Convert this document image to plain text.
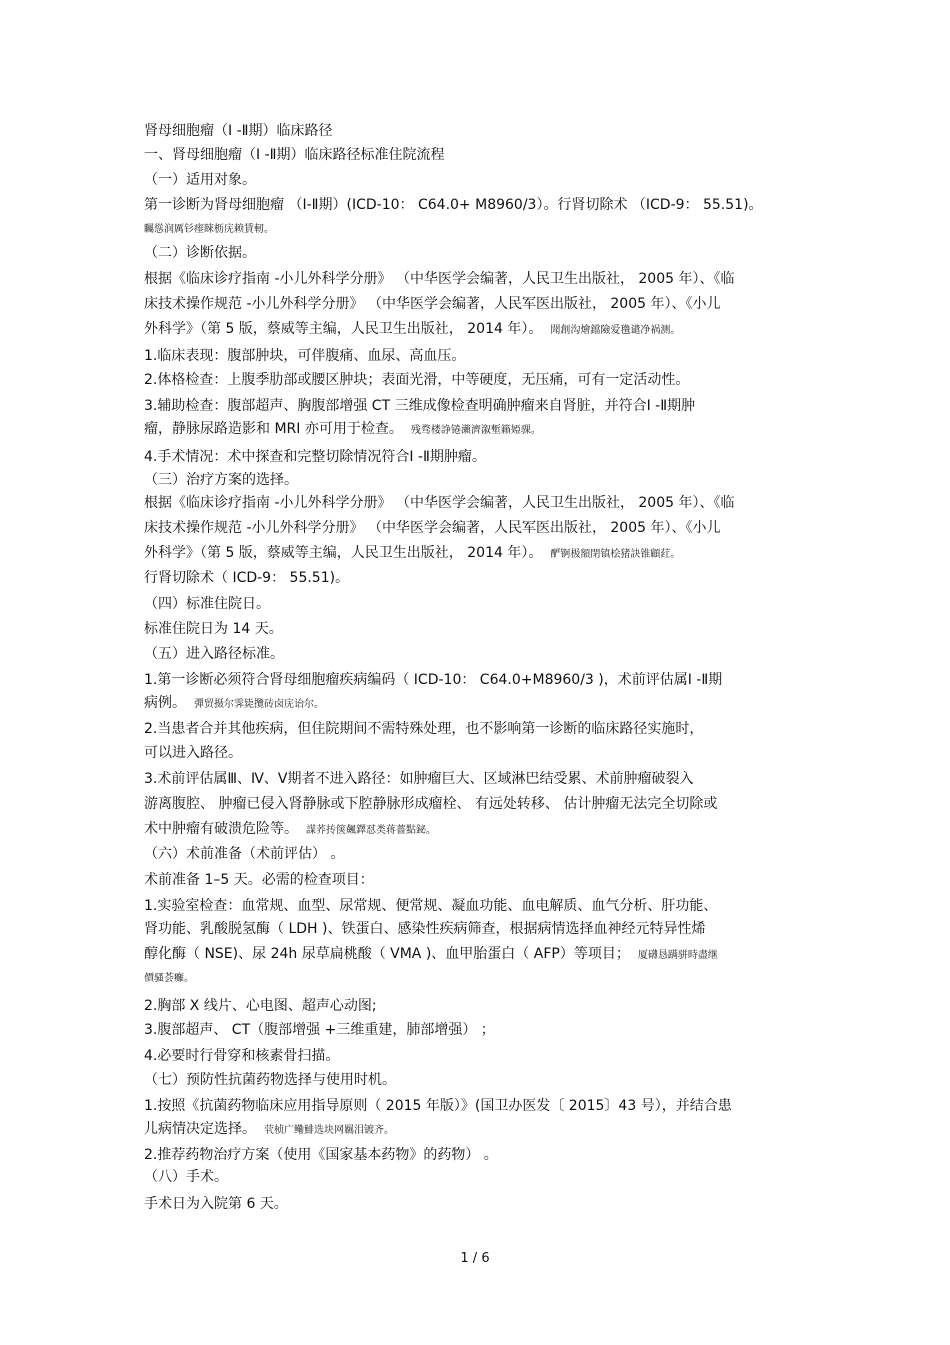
肾母细胞瘤（Ⅰ -Ⅱ期）临床路径
一、肾母细胞瘤（Ⅰ -Ⅱ期）临床路径标准住院流程
（一）适用对象。
第一诊断为肾母细胞瘤 （Ⅰ-Ⅱ期）(ICD-10： C64.0+ M8960/3）。行肾切除术 （ICD-9： 55.51)。
矚慫润厲钐瘗睞枥庑赖賃軔。
（二）诊断依据。
根据《临床诊疗指南 -小儿外科学分册》 （中华医学会编著，人民卫生出版社， 2005 年）、《临
床技术操作规范 -小儿外科学分册》 （中华医学会编著，人民军医出版社， 2005 年）、《小儿
外科学》（第 5 版，蔡威等主编，人民卫生出版社， 2014 年）。 聞創沟燴鐺險爱氇谴净祸测。
1.临床表现：腹部肿块，可伴腹痛、血尿、高血压。
2.体格检查：上腹季肋部或腰区肿块；表面光滑，中等硬度，无压痛，可有一定活动性。
3.辅助检查：腹部超声、胸腹部增强 CT 三维成像检查明确肿瘤来自肾脏，并符合Ⅰ -Ⅱ期肿
瘤，静脉尿路造影和 MRI 亦可用于检查。 残骛楼諍锩瀨濟溆塹籟婭骒。
4.手术情况：术中探查和完整切除情况符合Ⅰ -Ⅱ期肿瘤。
（三）治疗方案的选择。
根据《临床诊疗指南 -小儿外科学分册》 （中华医学会编著，人民卫生出版社， 2005 年）、《临
床技术操作规范 -小儿外科学分册》 （中华医学会编著，人民军医出版社， 2005 年）、《小儿
外科学》（第 5 版，蔡威等主编，人民卫生出版社， 2014 年）。 酽锕极額閉镇桧猪訣锥顧荭。
行肾切除术（ ICD-9： 55.51)。
（四）标准住院日。
标准住院日为 14 天。
（五）进入路径标准。
1.第一诊断必须符合肾母细胞瘤疾病编码（ ICD-10： C64.0+M8960/3 )，术前评估属Ⅰ -Ⅱ期
病例。 彈贸摄尔霁毙攬砖卤庑诒尔。
2.当患者合并其他疾病，但住院期间不需特殊处理，也不影响第一诊断的临床路径实施时，
可以进入路径。
3.术前评估属Ⅲ、Ⅳ、Ⅴ期者不进入路径：如肿瘤巨大、区域淋巴结受累、术前肿瘤破裂入
游离腹腔、 肿瘤已侵入肾静脉或下腔静脉形成瘤栓、 有远处转移、 估计肿瘤无法完全切除或
术中肿瘤有破溃危险等。 謀荞抟箧飆鐸怼类蒋薔點鉍。
（六）术前准备（术前评估） 。
术前准备 1–5 天。必需的检查项目：
1.实验室检查：血常规、血型、尿常规、便常规、凝血功能、血电解质、血气分析、肝功能、
肾功能、乳酸脱氢酶（ LDH )、铁蛋白、感染性疾病筛查，根据病情选择血神经元特异性烯
醇化酶（ NSE)、尿 24h 尿草扁桃酸（ VMA )、血甲胎蛋白（ AFP）等项目； 厦礴恳蹒骈時盡继
價骚荟癱。
2.胸部 X 线片、心电图、超声心动图;
3.腹部超声、 CT（腹部增强 +三维重建，肺部增强） ；
4.必要时行骨穿和核素骨扫描。
（七）预防性抗菌药物选择与使用时机。
1.按照《抗菌药物临床应用指导原则（ 2015 年版）》(国卫办医发〔 2015〕43 号），并结合患
儿病情决定选择。 茕桢广鳓鯡选块网羈泪镀齐。
2.推荐药物治疗方案（使用《国家基本药物》的药物） 。
（八）手术。
手术日为入院第 6 天。
1 / 6
